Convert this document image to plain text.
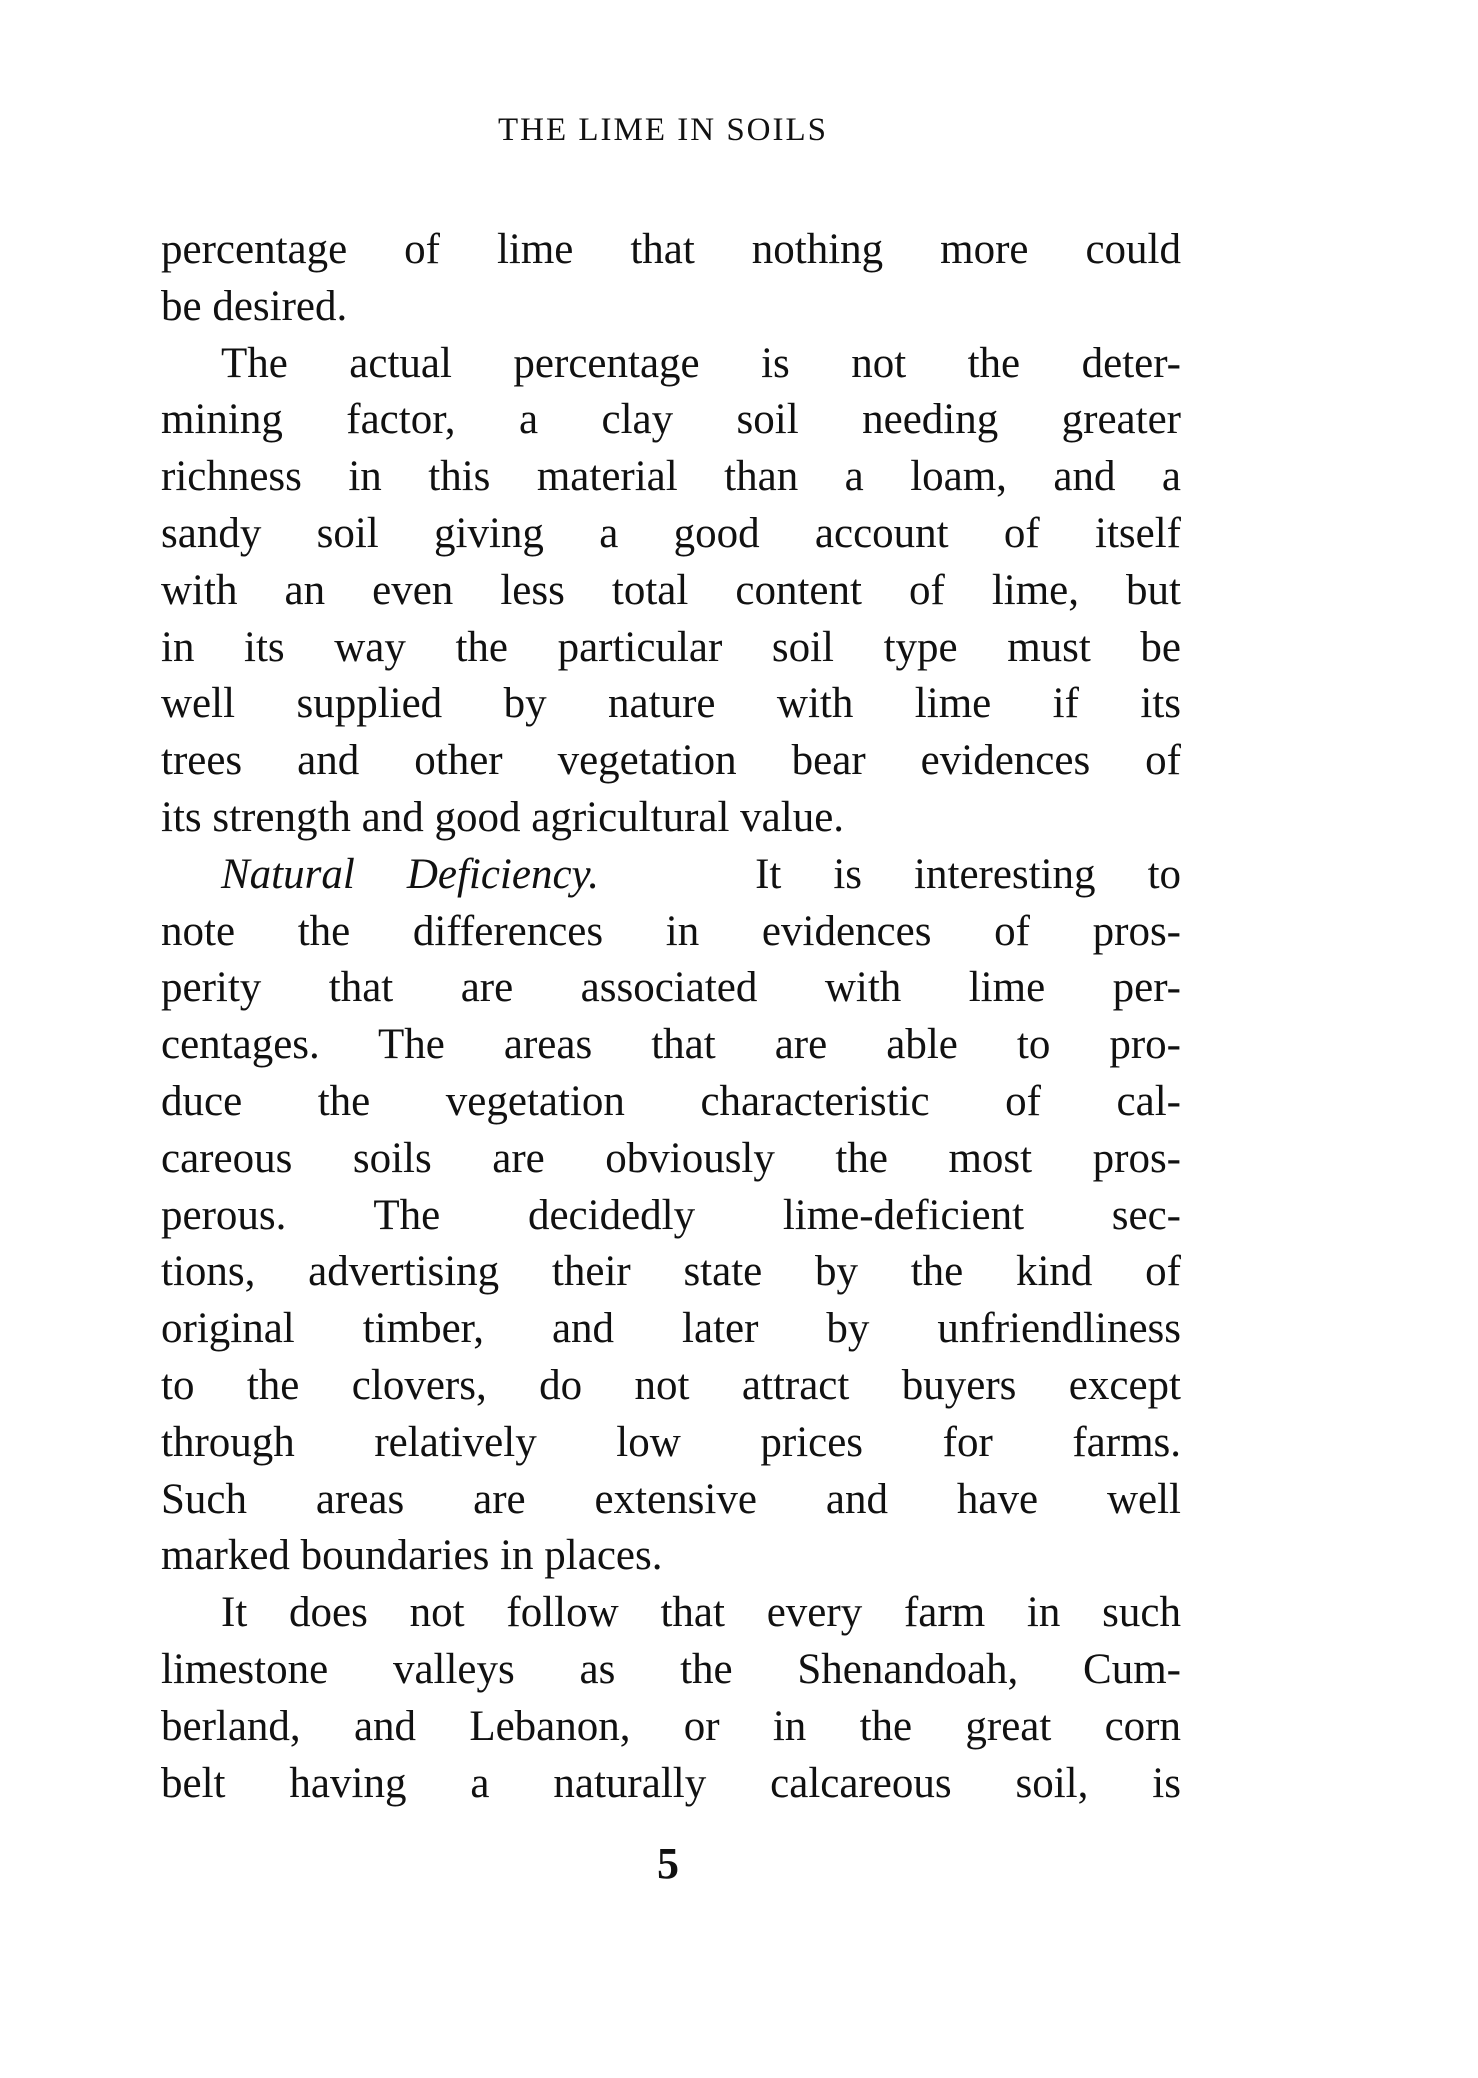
THE LIME IN SOILS
percentage of lime that nothing more could
be desired.
The actual percentage is not the deter-
mining factor, a clay soil needing greater
richness in this material than a loam, and a
sandy soil giving a good account of itself
with an even less total content of lime, but
in its way the particular soil type must be
well supplied by nature with lime if its
trees and other vegetation bear evidences of
its strength and good agricultural value.
Natural Deficiency.	It is interesting to
note the differences in evidences of pros-
perity that are associated with lime per-
centages. The areas that are able to pro-
duce the vegetation characteristic of cal-
careous soils are obviously the most pros-
perous. The decidedly lime-deficient sec-
tions, advertising their state by the kind of
original timber, and later by unfriendliness
to the clovers, do not attract buyers except
through relatively low prices for farms.
Such areas are extensive and have well
marked boundaries in places.
It does not follow that every farm in such
limestone valleys as the Shenandoah, Cum-
berland, and Lebanon, or in the great corn
belt having a naturally calcareous soil, is
5
